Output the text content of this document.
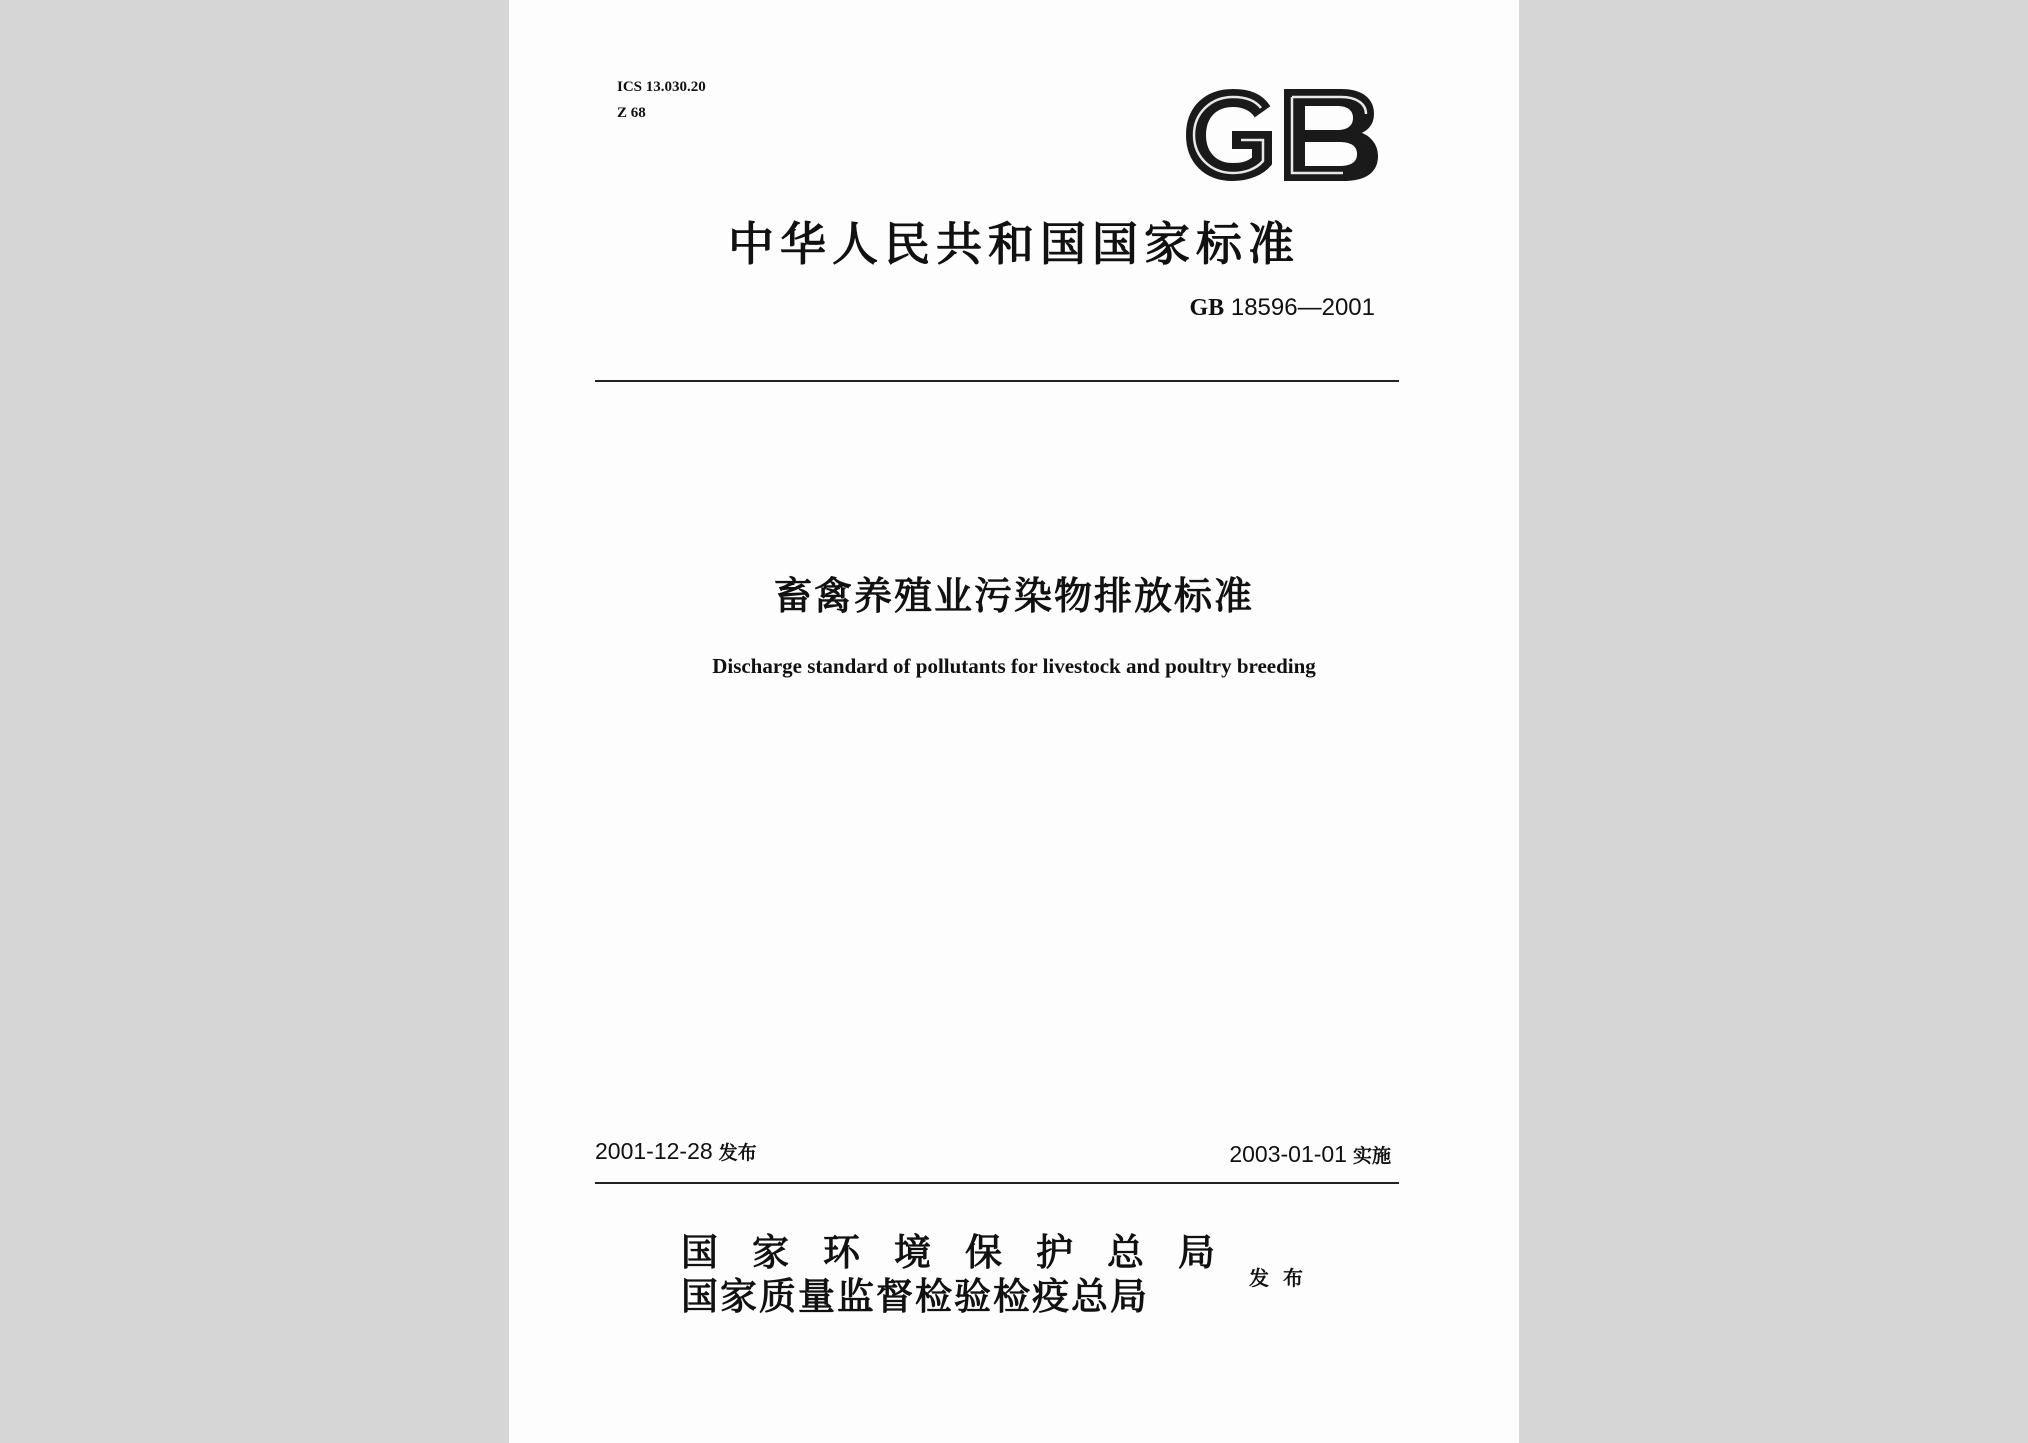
ICS 13.030.20
Z 68
中华人民共和国国家标准
GB 18596—2001
畜禽养殖业污染物排放标准
Discharge standard of pollutants for livestock and poultry breeding
2001-12-28 发布	2003-01-01 实施
国家环境保护总局
国家质量监督检验检疫总局	发布
